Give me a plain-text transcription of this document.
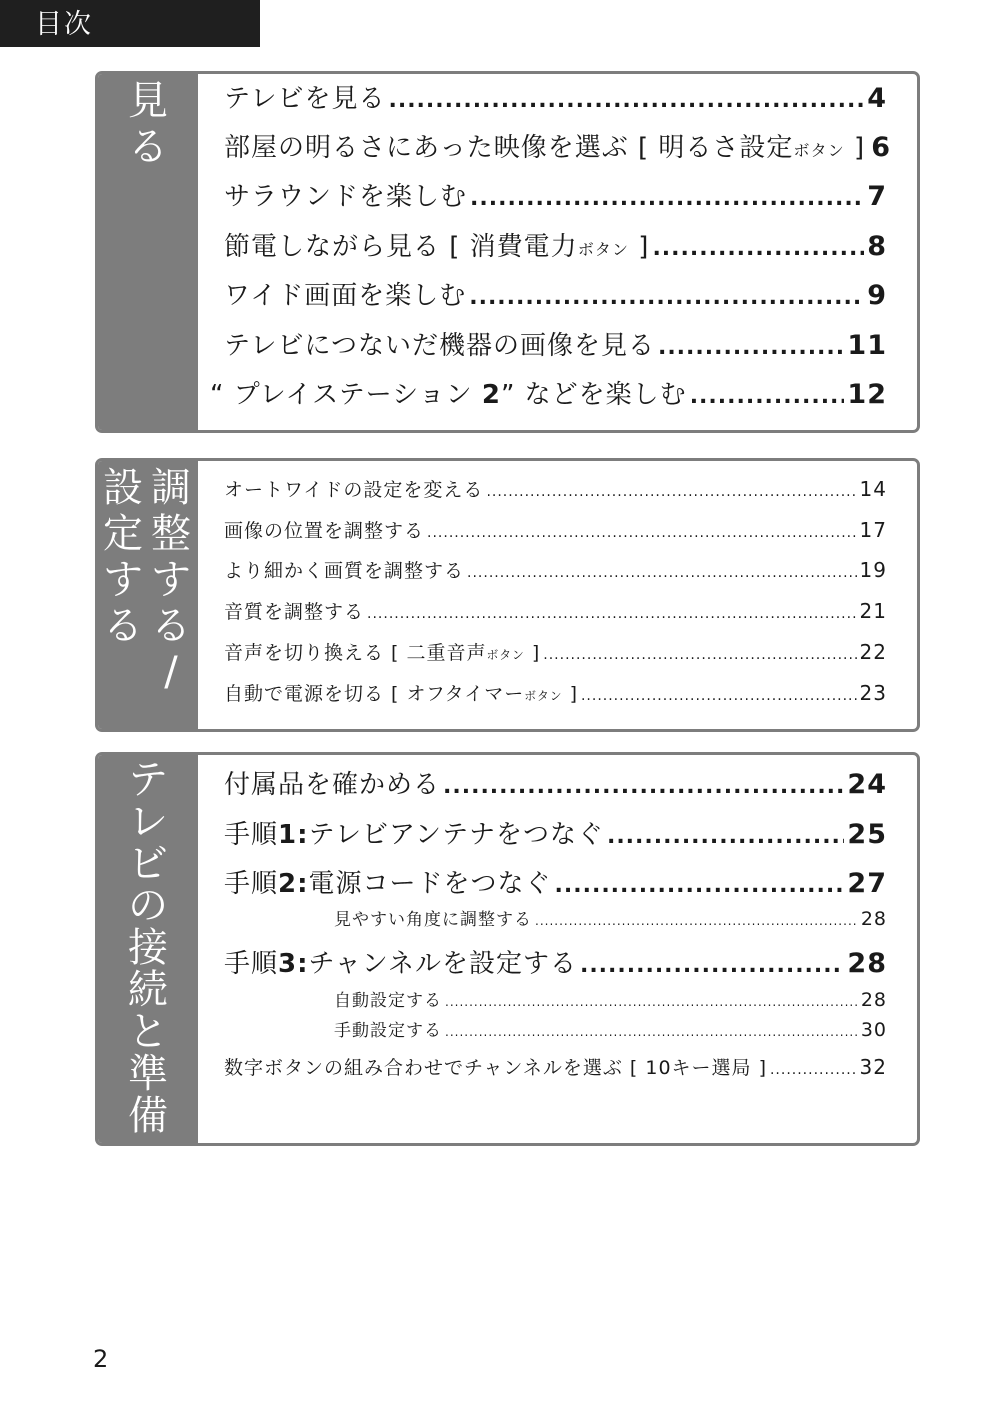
目次
見
る
テレビを見る .....	4
部屋の明るさにあった映像を選ぶ [ 明るさ設定ボタン ] 6
サラウンドを楽しむ .....	7
節電しながら見る [ 消費電力ボタン ] .....	8
ワイド画面を楽しむ .....	9
テレビにつないだ機器の画像を見る .....	11
“ プレイステーション 2” などを楽しむ .....	12
設
定
す
る
調
整
す
る
/
オートワイドの設定を変える .....	14
画像の位置を調整する .....	17
より細かく画質を調整する .....	19
音質を調整する .....	21
音声を切り換える [ 二重音声ボタン ] .....	22
自動で電源を切る [ オフタイマーボタン ] .....	23
テ
レ
ビ
の
接
続
と
準
備
付属品を確かめる .....	24
手順1:テレビアンテナをつなぐ .....	25
手順2:電源コードをつなぐ .....	27
見やすい角度に調整する .....	28
手順3:チャンネルを設定する .....	28
自動設定する .....	28
手動設定する .....	30
数字ボタンの組み合わせでチャンネルを選ぶ [ 10キー選局 ] .....	32
2
